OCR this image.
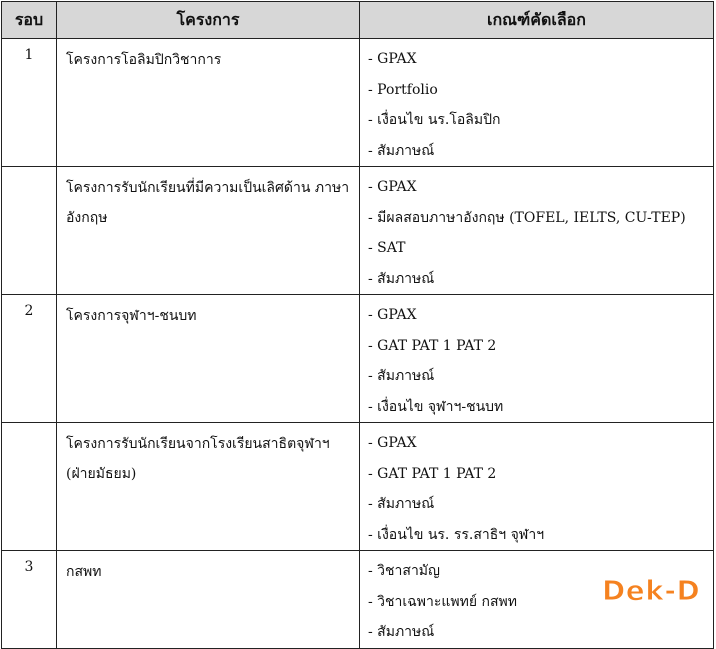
รอบ	โครงการ	เกณฑ์คัดเลือก
1	โครงการโอลิมปิกวิชาการ	- GPAX
- Portfolio
- เงื่อนไข นร.โอลิมปิก
- สัมภาษณ์

	โครงการรับนักเรียนที่มีความเป็นเลิศด้าน ภาษาอังกฤษ	- GPAX
- มีผลสอบภาษาอังกฤษ (TOFEL, IELTS, CU-TEP)
- SAT
- สัมภาษณ์

2	โครงการจุฬาฯ-ชนบท	- GPAX
- GAT PAT 1 PAT 2
- สัมภาษณ์
- เงื่อนไข จุฬาฯ-ชนบท

	โครงการรับนักเรียนจากโรงเรียนสาธิตจุฬาฯ (ฝ่ายมัธยม)	- GPAX
- GAT PAT 1 PAT 2
- สัมภาษณ์
- เงื่อนไข นร. รร.สาธิฯ จุฬาฯ

3	กสพท	- วิชาสามัญ
- วิชาเฉพาะแพทย์ กสพท
- สัมภาษณ์
Dek-D
